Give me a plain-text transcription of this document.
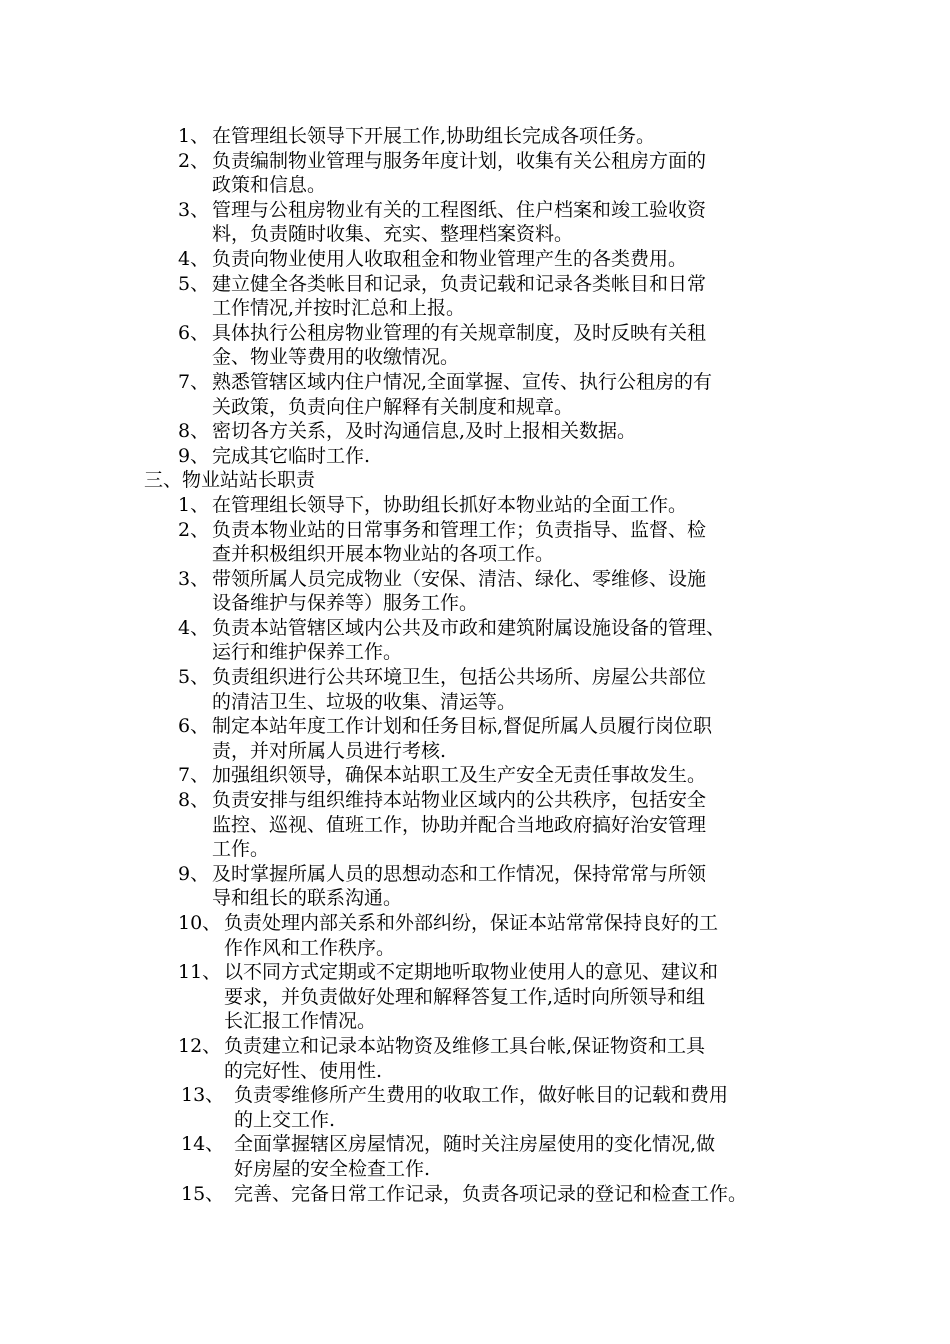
1、 在管理组长领导下开展工作,协助组长完成各项任务。
2、 负责编制物业管理与服务年度计划，收集有关公租房方面的
政策和信息。
3、 管理与公租房物业有关的工程图纸、住户档案和竣工验收资
料，负责随时收集、充实、整理档案资料。
4、 负责向物业使用人收取租金和物业管理产生的各类费用。
5、 建立健全各类帐目和记录，负责记载和记录各类帐目和日常
工作情况,并按时汇总和上报。
6、 具体执行公租房物业管理的有关规章制度，及时反映有关租
金、物业等费用的收缴情况。
7、 熟悉管辖区域内住户情况,全面掌握、宣传、执行公租房的有
关政策，负责向住户解释有关制度和规章。
8、 密切各方关系，及时沟通信息,及时上报相关数据。
9、 完成其它临时工作.
三、物业站站长职责
1、 在管理组长领导下，协助组长抓好本物业站的全面工作。
2、 负责本物业站的日常事务和管理工作；负责指导、监督、检
查并积极组织开展本物业站的各项工作。
3、 带领所属人员完成物业（安保、清洁、绿化、零维修、设施
设备维护与保养等）服务工作。
4、 负责本站管辖区域内公共及市政和建筑附属设施设备的管理、
运行和维护保养工作。
5、 负责组织进行公共环境卫生，包括公共场所、房屋公共部位
的清洁卫生、垃圾的收集、清运等。
6、 制定本站年度工作计划和任务目标,督促所属人员履行岗位职
责，并对所属人员进行考核.
7、 加强组织领导，确保本站职工及生产安全无责任事故发生。
8、 负责安排与组织维持本站物业区域内的公共秩序，包括安全
监控、巡视、值班工作，协助并配合当地政府搞好治安管理
工作。
9、 及时掌握所属人员的思想动态和工作情况，保持常常与所领
导和组长的联系沟通。
10、 负责处理内部关系和外部纠纷，保证本站常常保持良好的工
作作风和工作秩序。
11、 以不同方式定期或不定期地听取物业使用人的意见、建议和
要求，并负责做好处理和解释答复工作,适时向所领导和组
长汇报工作情况。
12、 负责建立和记录本站物资及维修工具台帐,保证物资和工具
的完好性、使用性.
13、 负责零维修所产生费用的收取工作，做好帐目的记载和费用
的上交工作.
14、 全面掌握辖区房屋情况，随时关注房屋使用的变化情况,做
好房屋的安全检查工作.
15、 完善、完备日常工作记录，负责各项记录的登记和检查工作。
